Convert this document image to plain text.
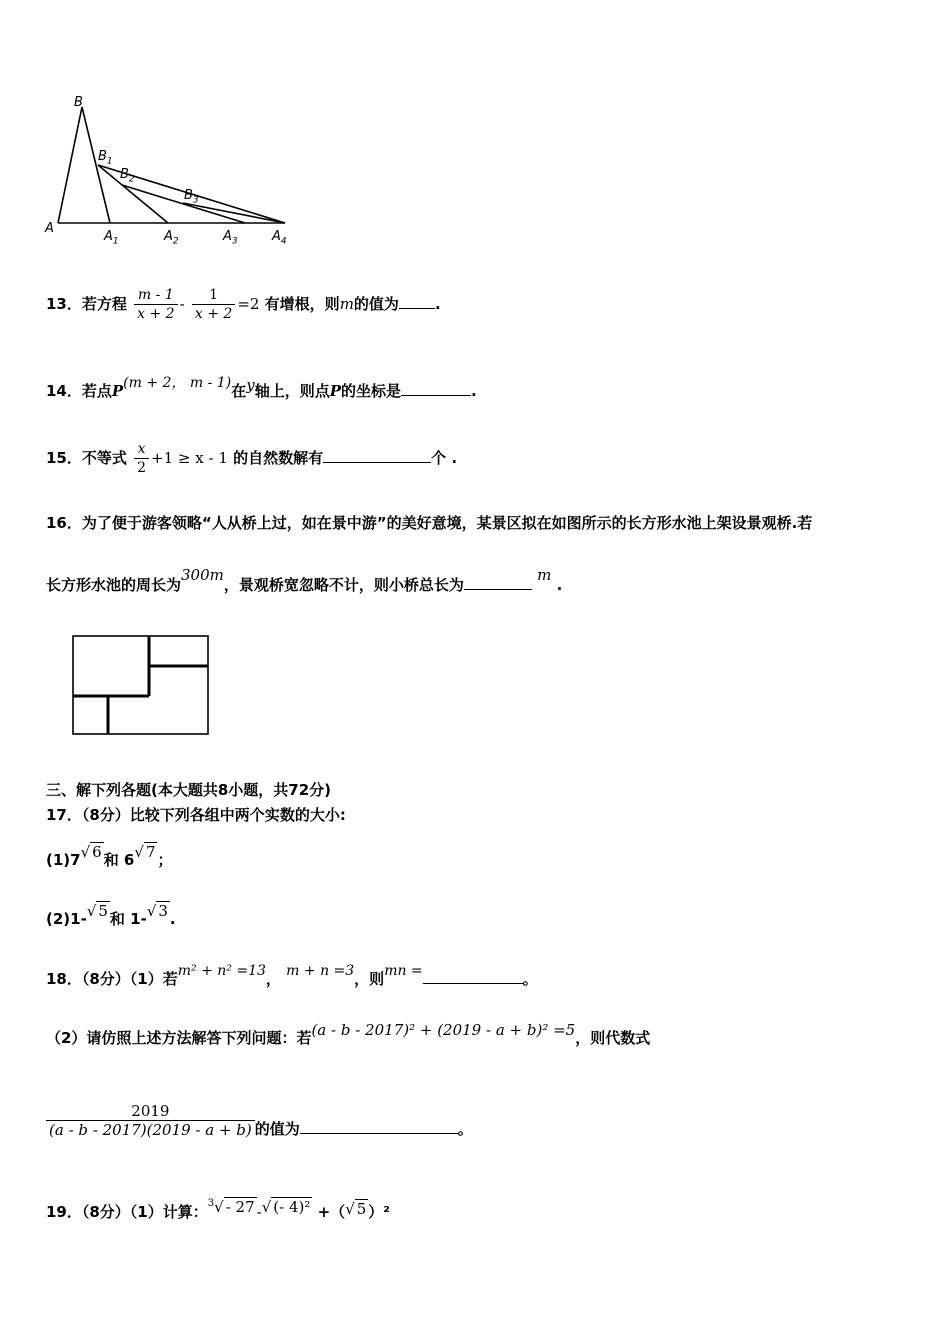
B
$B_1$
$B_2$
$B_3$
A
$A_1$	$A_2$	$A_3$	$A_4$
13．若方程 $\frac{m - 1}{x + 2} - \frac{1}{x + 2} =2$ 有增根，则m的值为 .
14．若点P(m + 2， m - 1)在y轴上，则点P的坐标是	.
15．不等式 $\frac{x}{2} +1 \ge x - 1$ 的自然数解有	个 .
16．为了便于游客领略“人从桥上过，如在景中游”的美好意境，某景区拟在如图所示的长方形水池上架设景观桥.若
长方形水池的周长为300m，景观桥宽忽略不计，则小桥总长为 m .
三、解下列各题(本大题共8小题，共72分)
17．（8分）比较下列各组中两个实数的大小:
(1)7√ 6 和 6√ 7 ；
(2)1-√ 5 和 1-√ 3 .
18．（8分）（1）若m² + n² =13， m + n =3，则mn =	。
（2）请仿照上述方法解答下列问题：若(a - b - 2017)² + (2019 - a + b)² =5，则代数式
$\frac{2019}{(a - b - 2017)(2019 - a + b)}$ 的值为	。
19．（8分）（1）计算：$^3$√ - 27 -√ (- 4)² +（√ 5 ）²
